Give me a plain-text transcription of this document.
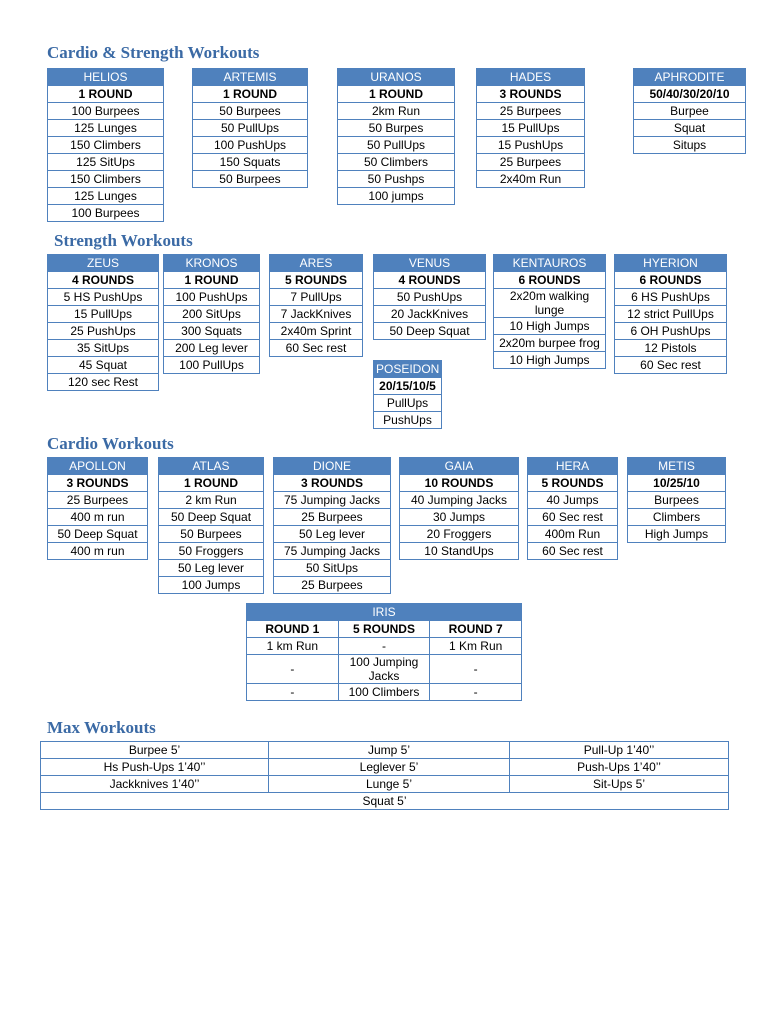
Cardio & Strength Workouts
Strength Workouts
Cardio Workouts
Max Workouts
HELIOS
1 ROUND
100 Burpees
125 Lunges
150 Climbers
125 SitUps
150 Climbers
125 Lunges
100 Burpees
ARTEMIS
1 ROUND
50 Burpees
50 PullUps
100 PushUps
150 Squats
50 Burpees
URANOS
1 ROUND
2km Run
50 Burpes
50 PullUps
50 Climbers
50 Pushps
100 jumps
HADES
3 ROUNDS
25 Burpees
15 PullUps
15 PushUps
25 Burpees
2x40m Run
APHRODITE
50/40/30/20/10
Burpee
Squat
Situps
ZEUS
4 ROUNDS
5 HS PushUps
15 PullUps
25 PushUps
35 SitUps
45 Squat
120 sec Rest
KRONOS
1 ROUND
100 PushUps
200 SitUps
300 Squats
200 Leg lever
100 PullUps
ARES
5 ROUNDS
7 PullUps
7 JackKnives
2x40m Sprint
60 Sec rest
VENUS
4 ROUNDS
50 PushUps
20 JackKnives
50 Deep Squat
POSEIDON
20/15/10/5
PullUps
PushUps
KENTAUROS
6 ROUNDS
2x20m walking lunge
10 High Jumps
2x20m burpee frog
10 High Jumps
HYERION
6 ROUNDS
6 HS PushUps
12 strict PullUps
6 OH PushUps
12 Pistols
60 Sec rest
APOLLON
3 ROUNDS
25 Burpees
400 m run
50 Deep Squat
400 m run
ATLAS
1 ROUND
2 km Run
50 Deep Squat
50 Burpees
50 Froggers
50 Leg lever
100 Jumps
DIONE
3 ROUNDS
75 Jumping Jacks
25 Burpees
50 Leg lever
75 Jumping Jacks
50 SitUps
25 Burpees
GAIA
10 ROUNDS
40 Jumping Jacks
30 Jumps
20 Froggers
10 StandUps
HERA
5 ROUNDS
40 Jumps
60 Sec rest
400m Run
60 Sec rest
METIS
10/25/10
Burpees
Climbers
High Jumps
IRIS		
ROUND 1	5 ROUNDS	ROUND 7
1 km Run	-	1 Km Run
-	100 Jumping Jacks	-
-	100 Climbers	-
Burpee 5’	Jump 5’	Pull-Up 1’40’’
Hs Push-Ups 1’40’’	Leglever 5’	Push-Ups 1’40’’
Jackknives 1’40’’	Lunge 5’	Sit-Ups 5’
Squat 5’		
